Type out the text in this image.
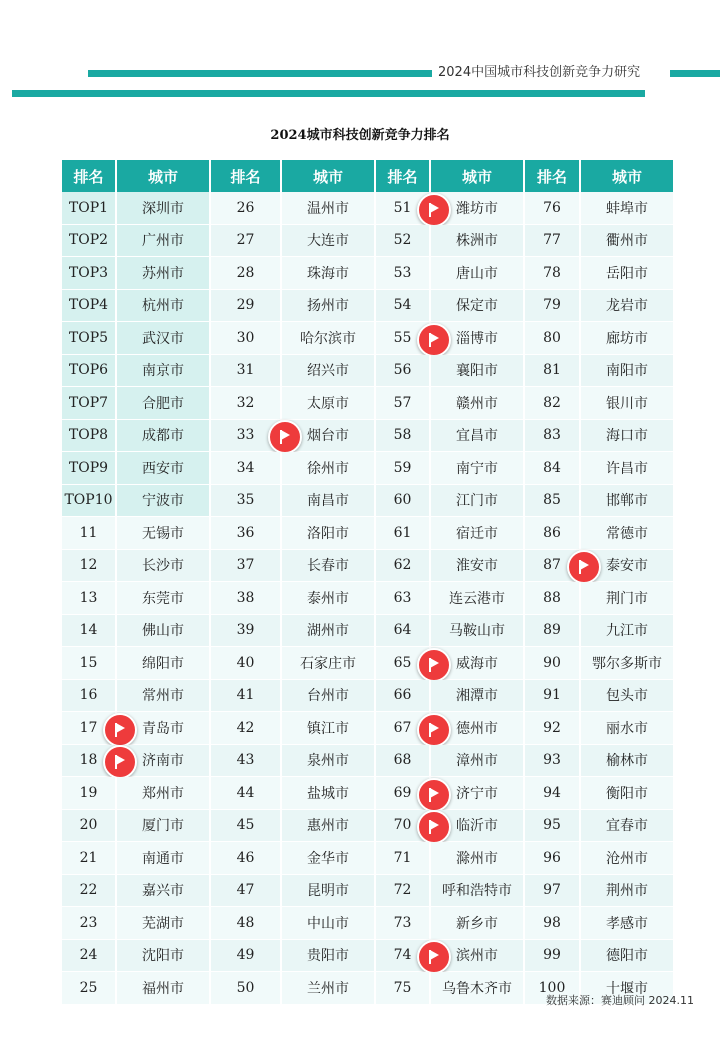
2024中国城市科技创新竞争力研究
2024城市科技创新竞争力排名
排名	城市	排名	城市	排名	城市	排名	城市
TOP1	深圳市	26	温州市	51	潍坊市	76	蚌埠市
TOP2	广州市	27	大连市	52	株洲市	77	衢州市
TOP3	苏州市	28	珠海市	53	唐山市	78	岳阳市
TOP4	杭州市	29	扬州市	54	保定市	79	龙岩市
TOP5	武汉市	30	哈尔滨市	55	淄博市	80	廊坊市
TOP6	南京市	31	绍兴市	56	襄阳市	81	南阳市
TOP7	合肥市	32	太原市	57	赣州市	82	银川市
TOP8	成都市	33	烟台市	58	宜昌市	83	海口市
TOP9	西安市	34	徐州市	59	南宁市	84	许昌市
TOP10	宁波市	35	南昌市	60	江门市	85	邯郸市
11	无锡市	36	洛阳市	61	宿迁市	86	常德市
12	长沙市	37	长春市	62	淮安市	87	泰安市

13	东莞市	38	泰州市	63	连云港市	88	荆门市
14	佛山市	39	湖州市	64	马鞍山市	89	九江市
15	绵阳市	40	石家庄市	65	威海市	90	鄂尔多斯市
16	常州市	41	台州市	66	湘潭市	91	包头市
17	青岛市	42	镇江市	67	德州市	92	丽水市
18	济南市	43	泉州市	68	漳州市	93	榆林市
19	郑州市	44	盐城市	69	济宁市	94	衡阳市
20	厦门市	45	惠州市	70	临沂市	95	宜春市
21	南通市	46	金华市	71	滁州市	96	沧州市
22	嘉兴市	47	昆明市	72	呼和浩特市	97	荆州市
23	芜湖市	48	中山市	73	新乡市	98	孝感市
24	沈阳市	49	贵阳市	74	滨州市	99	德阳市
25	福州市	50	兰州市	75	乌鲁木齐市	100	十堰市
数据来源：赛迪顾问 2024.11
